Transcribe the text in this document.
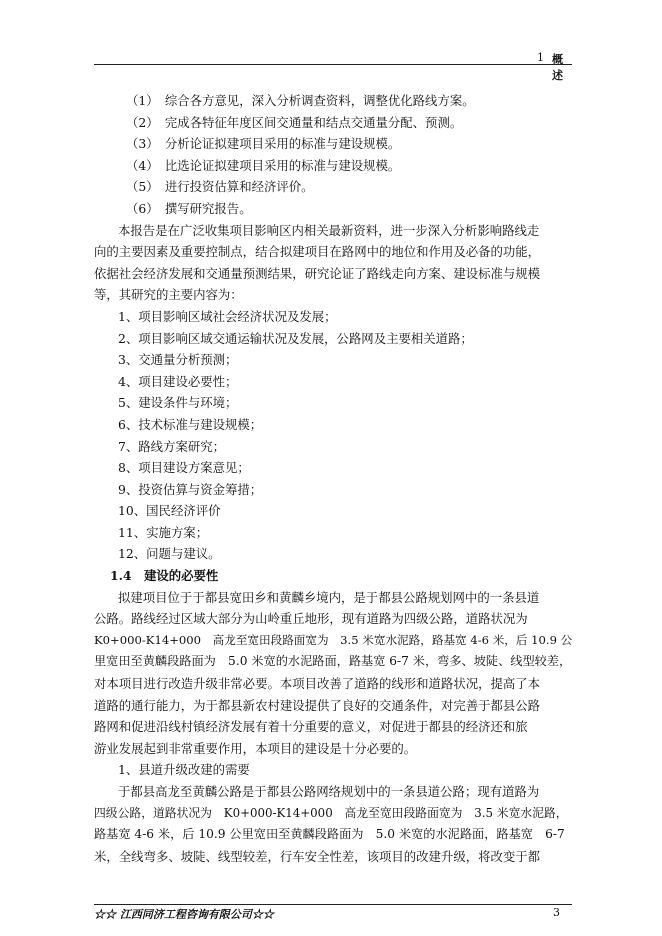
1 概 述
（1）　综合各方意见，深入分析调查资料，调整优化路线方案。
（2）　完成各特征年度区间交通量和结点交通量分配、预测。
（3）　分析论证拟建项目采用的标准与建设规模。
（4）　比选论证拟建项目采用的标准与建设规模。
（5）　进行投资估算和经济评价。
（6）　撰写研究报告。
本报告是在广泛收集项目影响区内相关最新资料，进一步深入分析影响路线走
向的主要因素及重要控制点，结合拟建项目在路网中的地位和作用及必备的功能，
依据社会经济发展和交通量预测结果，研究论证了路线走向方案、建设标准与规模
等，其研究的主要内容为：
1、项目影响区域社会经济状况及发展；
2、项目影响区域交通运输状况及发展，公路网及主要相关道路；
3、交通量分析预测；
4、项目建设必要性；
5、建设条件与环境；
6、技术标准与建设规模；
7、路线方案研究；
8、项目建设方案意见；
9、投资估算与资金筹措；
10、国民经济评价
11、实施方案；
12、问题与建议。
1.4　建设的必要性
拟建项目位于于都县宽田乡和黄麟乡境内，是于都县公路规划网中的一条县道
公路。路线经过区域大部分为山岭重丘地形，现有道路为四级公路，道路状况为
K0+000-K14+000　高龙至宽田段路面宽为　3.5 米宽水泥路，路基宽 4-6 米，后 10.9 公
里宽田至黄麟段路面为　5.0 米宽的水泥路面，路基宽 6-7 米，弯多、坡陡、线型较差，
对本项目进行改造升级非常必要。本项目改善了道路的线形和道路状况，提高了本
道路的通行能力，为于都县新农村建设提供了良好的交通条件，对完善于都县公路
路网和促进沿线村镇经济发展有着十分重要的意义，对促进于都县的经济还和旅
游业发展起到非常重要作用，本项目的建设是十分必要的。
1、县道升级改建的需要
于都县高龙至黄麟公路是于都县公路网络规划中的一条县道公路；现有道路为
四级公路，道路状况为　K0+000-K14+000　高龙至宽田段路面宽为　3.5 米宽水泥路，
路基宽 4-6 米，后 10.9 公里宽田至黄麟段路面为　5.0 米宽的水泥路面，路基宽　6-7
米，全线弯多、坡陡、线型较差，行车安全性差，该项目的改建升级，将改变于都
☆☆ 江西同济工程咨询有限公司☆☆	3
